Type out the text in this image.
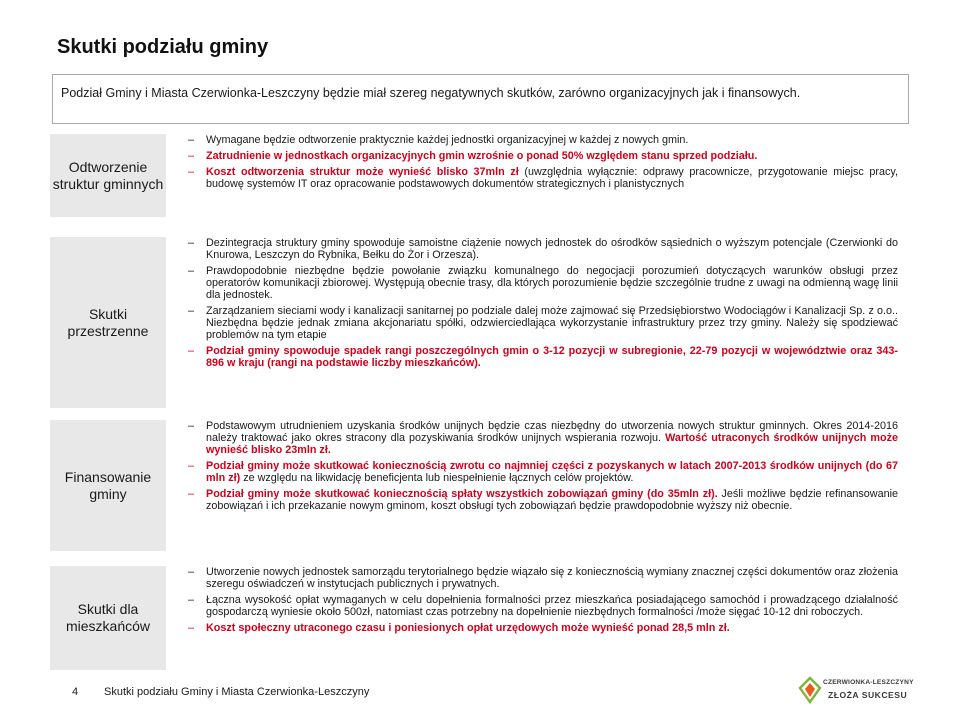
Skutki podziału gminy
Podział Gminy i Miasta Czerwionka-Leszczyny będzie miał szereg negatywnych skutków, zarówno organizacyjnych jak i finansowych.
Odtworzenie struktur gminnych
– Wymagane będzie odtworzenie praktycznie każdej jednostki organizacyjnej w każdej z nowych gmin.
– Zatrudnienie w jednostkach organizacyjnych gmin wzrośnie o ponad 50% względem stanu sprzed podziału.
– Koszt odtworzenia struktur może wynieść blisko 37mln zł (uwzględnia wyłącznie: odprawy pracownicze, przygotowanie miejsc pracy, budowę systemów IT oraz opracowanie podstawowych dokumentów strategicznych i planistycznych
Skutki przestrzenne
– Dezintegracja struktury gminy spowoduje samoistne ciążenie nowych jednostek do ośrodków sąsiednich o wyższym potencjale (Czerwionki do Knurowa, Leszczyn do Rybnika, Bełku do Żor i Orzesza).
– Prawdopodobnie niezbędne będzie powołanie związku komunalnego do negocjacji porozumień dotyczących warunków obsługi przez operatorów komunikacji zbiorowej. Występują obecnie trasy, dla których porozumienie będzie szczególnie trudne z uwagi na odmienną wagę linii dla jednostek.
– Zarządzaniem sieciami wody i kanalizacji sanitarnej po podziale dalej może zajmować się Przedsiębiorstwo Wodociągów i Kanalizacji Sp. z o.o.. Niezbędna będzie jednak zmiana akcjonariatu spółki, odzwierciedlająca wykorzystanie infrastruktury przez trzy gminy. Należy się spodziewać problemów na tym etapie
– Podział gminy spowoduje spadek rangi poszczególnych gmin o 3-12 pozycji w subregionie, 22-79 pozycji w województwie oraz 343-896 w kraju (rangi na podstawie liczby mieszkańców).
Finansowanie gminy
– Podstawowym utrudnieniem uzyskania środków unijnych będzie czas niezbędny do utworzenia nowych struktur gminnych. Okres 2014-2016 należy traktować jako okres stracony dla pozyskiwania środków unijnych wspierania rozwoju. Wartość utraconych środków unijnych może wynieść blisko 23mln zł.
– Podział gminy może skutkować koniecznością zwrotu co najmniej części z pozyskanych w latach 2007-2013 środków unijnych (do 67 mln zł) ze względu na likwidację beneficjenta lub niespełnienie łącznych celów projektów.
– Podział gminy może skutkować koniecznością spłaty wszystkich zobowiązań gminy (do 35mln zł). Jeśli możliwe będzie refinansowanie zobowiązań i ich przekazanie nowym gminom, koszt obsługi tych zobowiązań będzie prawdopodobnie wyższy niż obecnie.
Skutki dla mieszkańców
– Utworzenie nowych jednostek samorządu terytorialnego będzie wiązało się z koniecznością wymiany znacznej części dokumentów oraz złożenia szeregu oświadczeń w instytucjach publicznych i prywatnych.
– Łączna wysokość opłat wymaganych w celu dopełnienia formalności przez mieszkańca posiadającego samochód i prowadzącego działalność gospodarczą wyniesie około 500zł, natomiast czas potrzebny na dopełnienie niezbędnych formalności /może sięgać 10-12 dni roboczych.
– Koszt społeczny utraconego czasu i poniesionych opłat urzędowych może wynieść ponad 28,5 mln zł.
4 Skutki podziału Gminy i Miasta Czerwionka-Leszczyny
CZERWIONKA-LESZCZYNY
ZŁOŻA SUKCESU
